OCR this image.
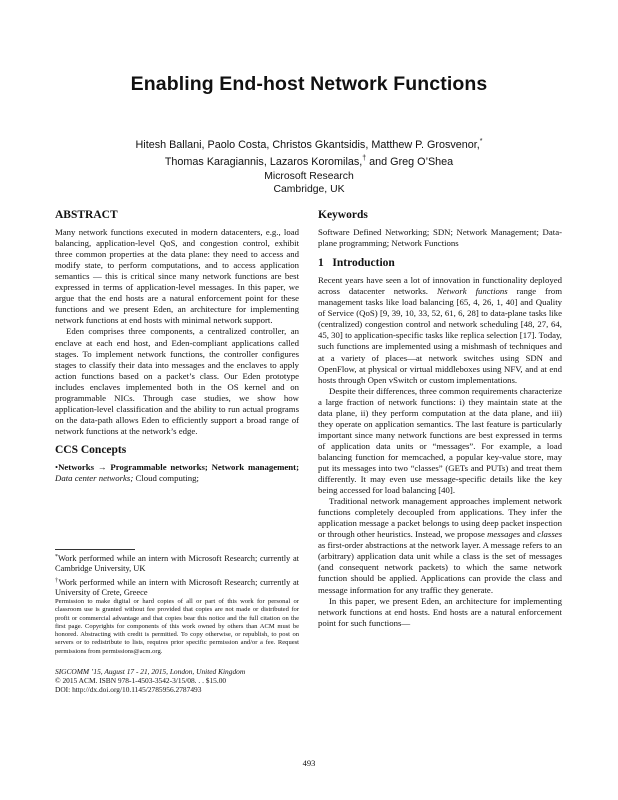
Enabling End-host Network Functions
Hitesh Ballani, Paolo Costa, Christos Gkantsidis, Matthew P. Grosvenor,*
Thomas Karagiannis, Lazaros Koromilas,† and Greg O’Shea
Microsoft Research
Cambridge, UK
ABSTRACT

Many network functions executed in modern datacenters, e.g., load balancing, application-level QoS, and congestion control, exhibit three common properties at the data plane: they need to access and modify state, to perform computations, and to access application semantics — this is critical since many network functions are best expressed in terms of application-level messages. In this paper, we argue that the end hosts are a natural enforcement point for these functions and we present Eden, an architecture for implementing network functions at end hosts with minimal network support.

Eden comprises three components, a centralized controller, an enclave at each end host, and Eden-compliant applications called stages. To implement network functions, the controller configures stages to classify their data into messages and the enclaves to apply action functions based on a packet’s class. Our Eden prototype includes enclaves implemented both in the OS kernel and on programmable NICs. Through case studies, we show how application-level classification and the ability to run actual programs on the data-path allows Eden to efficiently support a broad range of network functions at the network’s edge.

CCS Concepts

•Networks → Programmable networks; Network management; Data center networks; Cloud computing;

*Work performed while an intern with Microsoft Research; currently at Cambridge University, UK

†Work performed while an intern with Microsoft Research; currently at University of Crete, Greece

Permission to make digital or hard copies of all or part of this work for personal or classroom use is granted without fee provided that copies are not made or distributed for profit or commercial advantage and that copies bear this notice and the full citation on the first page. Copyrights for components of this work owned by others than ACM must be honored. Abstracting with credit is permitted. To copy otherwise, or republish, to post on servers or to redistribute to lists, requires prior specific permission and/or a fee. Request permissions from permissions@acm.org.
SIGCOMM ’15, August 17 - 21, 2015, London, United Kingdom
© 2015 ACM. ISBN 978-1-4503-3542-3/15/08. . . $15.00
DOI: http://dx.doi.org/10.1145/2785956.2787493
Keywords

Software Defined Networking; SDN; Network Management; Data-plane programming; Network Functions

1 Introduction

Recent years have seen a lot of innovation in functionality deployed across datacenter networks. Network functions range from management tasks like load balancing [65, 4, 26, 1, 40] and Quality of Service (QoS) [9, 39, 10, 33, 52, 61, 6, 28] to data-plane tasks like (centralized) congestion control and network scheduling [48, 27, 64, 45, 30] to application-specific tasks like replica selection [17]. Today, such functions are implemented using a mishmash of techniques and at a variety of places—at network switches using SDN and OpenFlow, at physical or virtual middleboxes using NFV, and at end hosts through Open vSwitch or custom implementations.

Despite their differences, three common requirements characterize a large fraction of network functions: i) they maintain state at the data plane, ii) they perform computation at the data plane, and iii) they operate on application semantics. The last feature is particularly important since many network functions are best expressed in terms of application data units or “messages”. For example, a load balancing function for memcached, a popular key-value store, may put its messages into two “classes” (GETs and PUTs) and treat them differently. It may even use message-specific details like the key being accessed for load balancing [40].

Traditional network management approaches implement network functions completely decoupled from applications. They infer the application message a packet belongs to using deep packet inspection or through other heuristics. Instead, we propose messages and classes as first-order abstractions at the network layer. A message refers to an (arbitrary) application data unit while a class is the set of messages (and consequent network packets) to which the same network function should be applied. Applications can provide the class and message information for any traffic they generate.

In this paper, we present Eden, an architecture for implementing network functions at end hosts. End hosts are a natural enforcement point for such functions—

493
